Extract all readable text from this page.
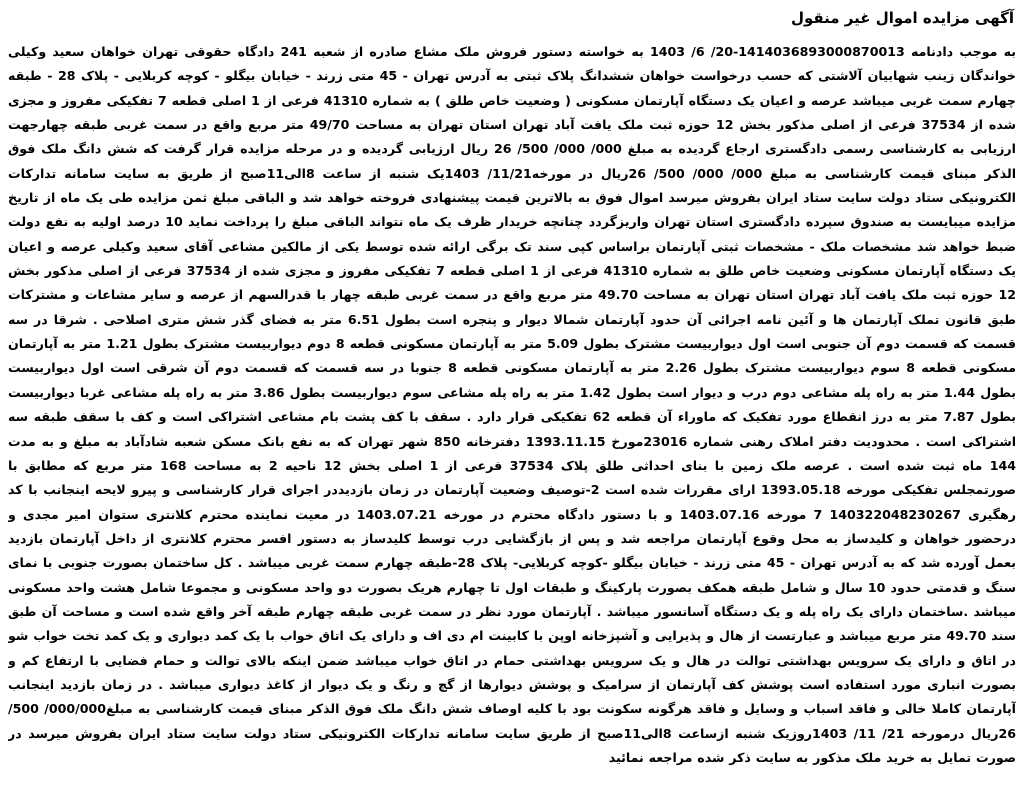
آگهی مزایده اموال غیر منقول

به موجب دادنامه 1414036893000870013-20/ 6/ 1403 به خواسته دستور فروش ملک مشاع صادره از شعبه 241 دادگاه حقوقی تهران خواهان سعید وکیلی خواندگان زینب شهابیان آلاشتی که حسب درخواست خواهان ششدانگ پلاک ثبتی به آدرس تهران - 45 متی زرند - خیابان بیگلو - کوچه کربلایی - پلاک 28 - طبقه چهارم سمت غربی میباشد عرصه و اعیان یک دستگاه آپارتمان مسکونی ( وضعیت خاص طلق ) به شماره 41310 فرعی از 1 اصلی قطعه 7 تفکیکی مفروز و مجزی شده از 37534 فرعی از اصلی مذکور بخش 12 حوزه ثبت ملک یافت آباد تهران استان تهران به مساحت 49/70 متر مربع واقع در سمت غربی طبقه چهارجهت ارزیابی به کارشناسی رسمی دادگستری ارجاع گردیده به مبلغ 000/ 000/ 500/ 26 ریال ارزیابی گردیده و در مرحله مزایده قرار گرفت که شش دانگ ملک فوق الذکر مبنای قیمت کارشناسی به مبلغ 000/ 000/ 500/ 26ریال در مورخه11/21/ 1403یک شنبه از ساعت 8الی11صبح از طریق به سایت سامانه تدارکات الکترونیکی ستاد دولت سایت ستاد ایران بفروش میرسد اموال فوق به بالاترین قیمت پیشنهادی فروخته خواهد شد و الباقی مبلغ ثمن مزایده طی یک ماه از تاریخ مزایده میبایست به صندوق سپرده دادگستری استان تهران واریزگردد چنانچه خریدار ظرف یک ماه نتواند الباقی مبلغ را پرداخت نماید 10 درصد اولیه به نفع دولت ضبط خواهد شد مشخصات ملک - مشخصات ثبتی آپارتمان براساس کپی سند تک برگی ارائه شده توسط یکی از مالکین مشاعی آقای سعید وکیلی عرصه و اعیان یک دستگاه آپارتمان مسکونی وضعیت خاص طلق به شماره 41310 فرعی از 1 اصلی قطعه 7 تفکیکی مفروز و مجزی شده از 37534 فرعی از اصلی مذکور بخش 12 حوزه ثبت ملک یافت آباد تهران استان تهران به مساحت 49.70 متر مربع واقع در سمت غربی طبقه چهار با قدرالسهم از عرصه و سایر مشاعات و مشترکات طبق قانون تملک آپارتمان ها و آئین نامه اجرائی آن حدود آپارتمان شمالا دیوار و پنجره است بطول 6.51 متر به فضای گذر شش متری اصلاحی . شرقا در سه قسمت که قسمت دوم آن جنوبی است اول دیواربیست مشترک بطول 5.09 متر به آپارتمان مسکونی قطعه 8 دوم دیواربیست مشترک بطول 1.21 متر به آپارتمان مسکونی قطعه 8 سوم دیواربیست مشترک بطول 2.26 متر به آپارتمان مسکونی قطعه 8 جنوبا در سه قسمت که قسمت دوم آن شرقی است اول دیواربیست بطول 1.44 متر به راه پله مشاعی دوم درب و دیوار است بطول 1.42 متر به راه پله مشاعی سوم دیواربیست بطول 3.86 متر به راه پله مشاعی غربا دیواربیست بطول 7.87 متر به درز انقطاع مورد تفکیک که ماوراء آن قطعه 62 تفکیکی قرار دارد . سقف با کف پشت بام مشاعی اشتراکی است و کف با سقف طبقه سه اشتراکی است . محدودیت دفتر املاک رهنی شماره 23016مورخ 1393.11.15 دفترخانه 850 شهر تهران که به نفع بانک مسکن شعبه شادآباد به مبلغ و به مدت 144 ماه ثبت شده است . عرصه ملک زمین با بنای احداثی طلق پلاک 37534 فرعی از 1 اصلی بخش 12 ناحیه 2 به مساحت 168 متر مربع که مطابق با صورتمجلس تفکیکی مورخه 1393.05.18 ارای مقررات شده است 2-توصیف وضعیت آپارتمان در زمان بازدیددر اجرای قرار کارشناسی و پیرو لایحه اینجانب با کد رهگیری 140322048230267 7 مورخه 1403.07.16 و با دستور دادگاه محترم در مورخه 1403.07.21 در معیت نماینده محترم کلانتری ستوان امیر مجدی و درحضور خواهان و کلیدساز به محل وقوع آپارتمان مراجعه شد و پس از بازگشایی درب توسط کلیدساز به دستور افسر محترم کلانتری از داخل آپارتمان بازدید بعمل آورده شد که به آدرس تهران - 45 متی زرند - خیابان بیگلو -کوچه کربلایی- پلاک 28-طبقه چهارم سمت غربی میباشد . کل ساختمان بصورت جنوبی با نمای سنگ و قدمتی حدود 10 سال و شامل طبقه همکف بصورت پارکینگ و طبقات اول تا چهارم هریک بصورت دو واحد مسکونی و مجموعا شامل هشت واحد مسکونی میباشد .ساختمان دارای یک راه پله و یک دستگاه آسانسور میباشد . آپارتمان مورد نظر در سمت غربی طبقه چهارم طبقه آخر واقع شده است و مساحت آن طبق سند 49.70 متر مربع میباشد و عبارتست از هال و پذیرایی و آشپزخانه اوپن با کابینت ام دی اف و دارای یک اتاق خواب با یک کمد دیواری و یک کمد تخت خواب شو در اتاق و دارای یک سرویس بهداشتی توالت در هال و یک سرویس بهداشتی حمام در اتاق خواب میباشد ضمن اینکه بالای توالت و حمام فضایی با ارتفاع کم و بصورت انباری مورد استفاده است پوشش کف آپارتمان از سرامیک و پوشش دیوارها از گچ و رنگ و یک دیوار از کاغذ دیواری میباشد . در زمان بازدید اینجانب آپارتمان کاملا خالی و فاقد اسباب و وسایل و فاقد هرگونه سکونت بود با کلیه اوصاف شش دانگ ملک فوق الذکر مبنای قیمت کارشناسی به مبلغ000/000/ 500/ 26ریال درمورخه 21/ 11/ 1403روزیک شنبه ازساعت 8الی11صبح از طریق سایت سامانه تدارکات الکترونیکی ستاد دولت سایت ستاد ایران بفروش میرسد در صورت تمایل به خرید ملک مذکور به سایت ذکر شده مراجعه نمائید
